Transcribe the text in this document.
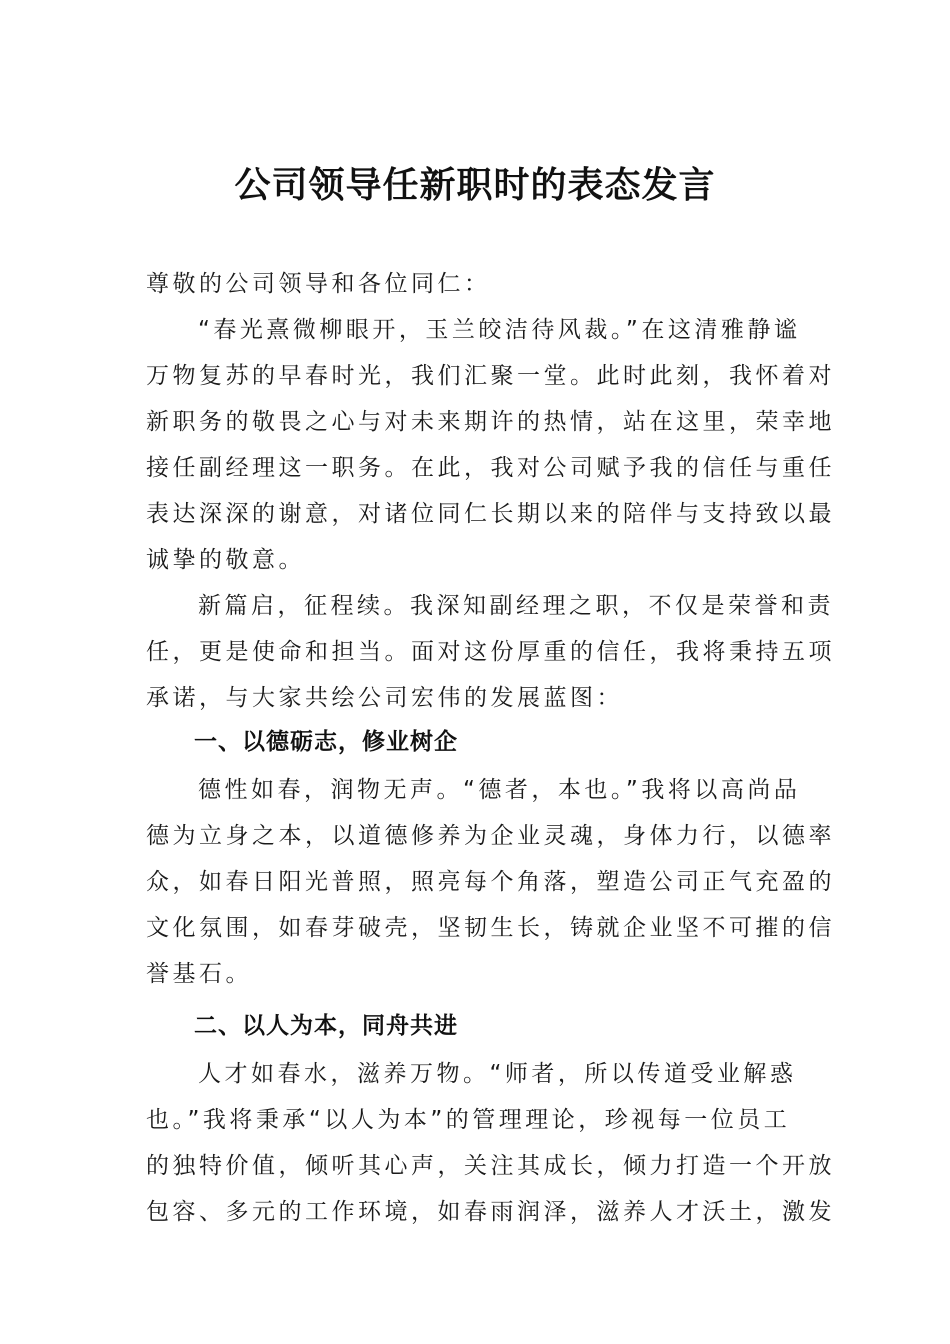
公司领导任新职时的表态发言

尊敬的公司领导和各位同仁：

“春光熹微柳眼开，玉兰皎洁待风裁。”在这清雅静谧
万物复苏的早春时光，我们汇聚一堂。此时此刻，我怀着对
新职务的敬畏之心与对未来期许的热情，站在这里，荣幸地
接任副经理这一职务。在此，我对公司赋予我的信任与重任
表达深深的谢意，对诸位同仁长期以来的陪伴与支持致以最
诚挚的敬意。

新篇启，征程续。我深知副经理之职，不仅是荣誉和责
任，更是使命和担当。面对这份厚重的信任，我将秉持五项
承诺，与大家共绘公司宏伟的发展蓝图：

一、以德砺志，修业树企

德性如春，润物无声。“德者，本也。”我将以高尚品
德为立身之本，以道德修养为企业灵魂，身体力行，以德率
众，如春日阳光普照，照亮每个角落，塑造公司正气充盈的
文化氛围，如春芽破壳，坚韧生长，铸就企业坚不可摧的信
誉基石。

二、以人为本，同舟共进

人才如春水，滋养万物。“师者，所以传道受业解惑
也。”我将秉承“以人为本”的管理理论，珍视每一位员工
的独特价值，倾听其心声，关注其成长，倾力打造一个开放
包容、多元的工作环境，如春雨润泽，滋养人才沃土，激发
